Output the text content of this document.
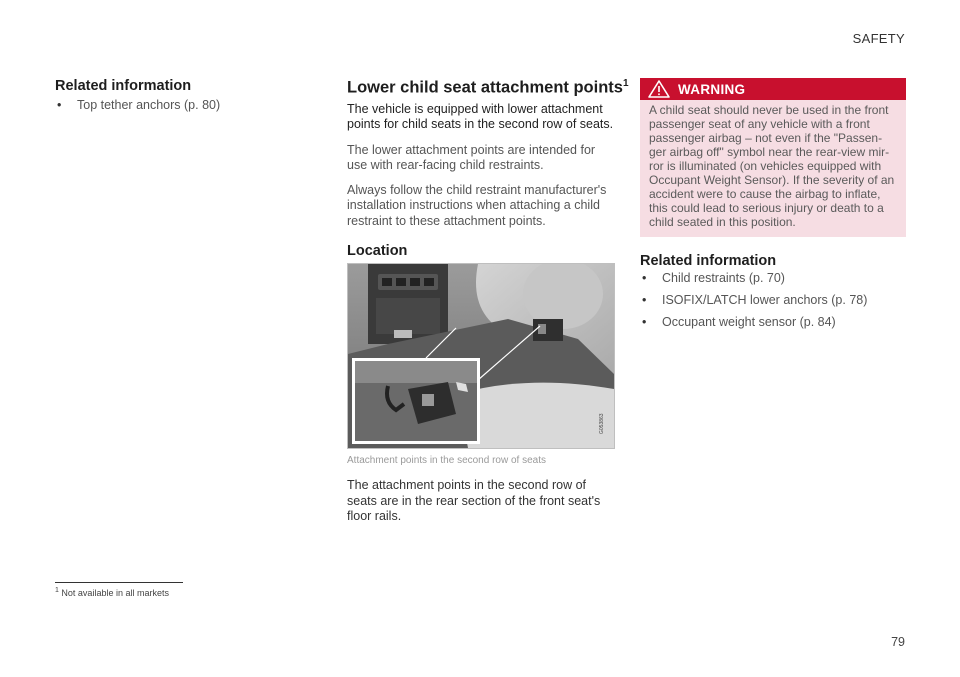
SAFETY
Related information
• Top tether anchors (p. 80)
Lower child seat attachment points$^1$

The vehicle is equipped with lower attachment points for child seats in the second row of seats.

The lower attachment points are intended for use with rear-facing child restraints.

Always follow the child restraint manufacturer's installation instructions when attaching a child restraint to these attachment points.

Location
G053863
Attachment points in the second row of seats

The attachment points in the second row of seats are in the rear section of the front seat's floor rails.

WARNING
A child seat should never be used in the front passenger seat of any vehicle with a front passenger airbag – not even if the "Passen-ger airbag off" symbol near the rear-view mir-ror is illuminated (on vehicles equipped with Occupant Weight Sensor). If the severity of an accident were to cause the airbag to inflate, this could lead to serious injury or death to a child seated in this position.
Related information
• Child restraints (p. 70)
• ISOFIX/LATCH lower anchors (p. 78)
• Occupant weight sensor (p. 84)
$^1$ Not available in all markets
79
